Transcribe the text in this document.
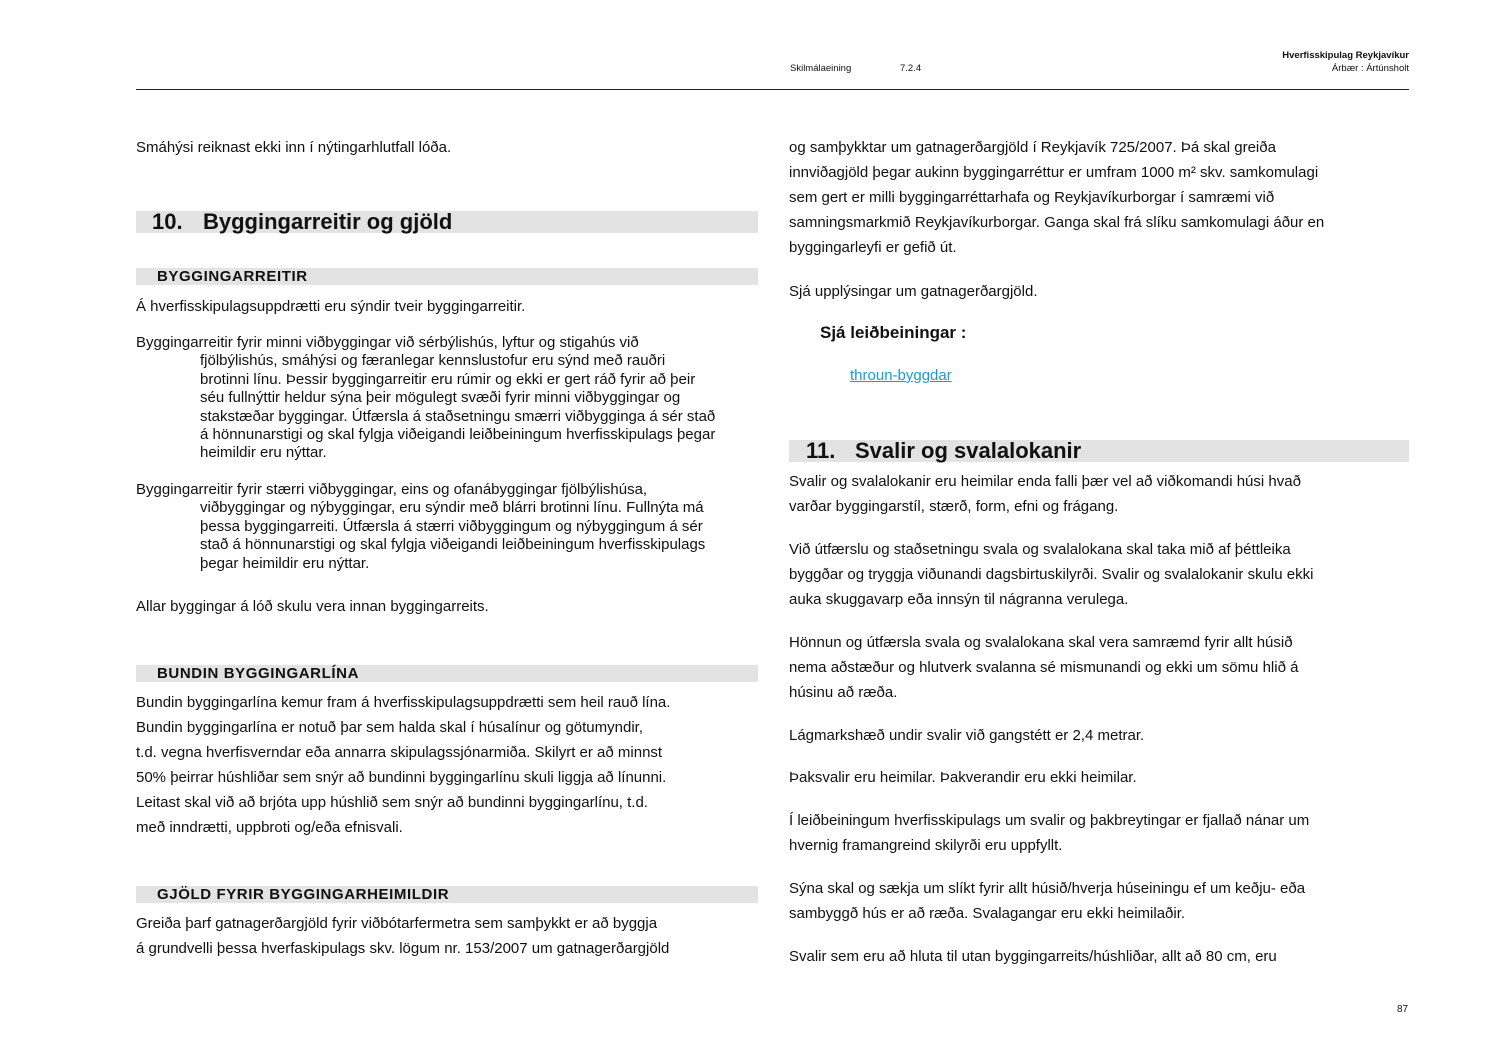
Skilmálaeining	7.2.4
Hverfisskipulag Reykjavíkur
Árbær : Ártúnsholt
Smáhýsi reiknast ekki inn í nýtingarhlutfall lóða.
10. Byggingarreitir og gjöld
BYGGINGARREITIR
Á hverfisskipulagsuppdrætti eru sýndir tveir byggingarreitir.
Byggingarreitir fyrir minni viðbyggingar við sérbýlishús, lyftur og stigahús við
fjölbýlishús, smáhýsi og færanlegar kennslustofur eru sýnd með rauðri
brotinni línu. Þessir byggingarreitir eru rúmir og ekki er gert ráð fyrir að þeir
séu fullnýttir heldur sýna þeir mögulegt svæði fyrir minni viðbyggingar og
stakstæðar byggingar. Útfærsla á staðsetningu smærri viðbygginga á sér stað
á hönnunarstigi og skal fylgja viðeigandi leiðbeiningum hverfisskipulags þegar
heimildir eru nýttar.
Byggingarreitir fyrir stærri viðbyggingar, eins og ofanábyggingar fjölbýlishúsa,
viðbyggingar og nýbyggingar, eru sýndir með blárri brotinni línu. Fullnýta má
þessa byggingarreiti. Útfærsla á stærri viðbyggingum og nýbyggingum á sér
stað á hönnunarstigi og skal fylgja viðeigandi leiðbeiningum hverfisskipulags
þegar heimildir eru nýttar.
Allar byggingar á lóð skulu vera innan byggingarreits.
BUNDIN BYGGINGARLÍNA
Bundin byggingarlína kemur fram á hverfisskipulagsuppdrætti sem heil rauð lína.
Bundin byggingarlína er notuð þar sem halda skal í húsalínur og götumyndir,
t.d. vegna hverfisverndar eða annarra skipulagssjónarmiða. Skilyrt er að minnst
50% þeirrar húshliðar sem snýr að bundinni byggingarlínu skuli liggja að línunni.
Leitast skal við að brjóta upp húshlið sem snýr að bundinni byggingarlínu, t.d.
með inndrætti, uppbroti og/eða efnisvali.
GJÖLD FYRIR BYGGINGARHEIMILDIR
Greiða þarf gatnagerðargjöld fyrir viðbótarfermetra sem samþykkt er að byggja
á grundvelli þessa hverfaskipulags skv. lögum nr. 153/2007 um gatnagerðargjöld
og samþykktar um gatnagerðargjöld í Reykjavík 725/2007. Þá skal greiða
innviðagjöld þegar aukinn byggingarréttur er umfram 1000 m² skv. samkomulagi
sem gert er milli byggingarréttarhafa og Reykjavíkurborgar í samræmi við
samningsmarkmið Reykjavíkurborgar. Ganga skal frá slíku samkomulagi áður en
byggingarleyfi er gefið út.
Sjá upplýsingar um gatnagerðargjöld.
Sjá leiðbeiningar :
throun-byggdar
11. Svalir og svalalokanir
Svalir og svalalokanir eru heimilar enda falli þær vel að viðkomandi húsi hvað
varðar byggingarstíl, stærð, form, efni og frágang.
Við útfærslu og staðsetningu svala og svalalokana skal taka mið af þéttleika
byggðar og tryggja viðunandi dagsbirtuskilyrði. Svalir og svalalokanir skulu ekki
auka skuggavarp eða innsýn til nágranna verulega.
Hönnun og útfærsla svala og svalalokana skal vera samræmd fyrir allt húsið
nema aðstæður og hlutverk svalanna sé mismunandi og ekki um sömu hlið á
húsinu að ræða.
Lágmarkshæð undir svalir við gangstétt er 2,4 metrar.
Þaksvalir eru heimilar. Þakverandir eru ekki heimilar.
Í leiðbeiningum hverfisskipulags um svalir og þakbreytingar er fjallað nánar um
hvernig framangreind skilyrði eru uppfyllt.
Sýna skal og sækja um slíkt fyrir allt húsið/hverja húseiningu ef um keðju- eða
sambyggð hús er að ræða. Svalagangar eru ekki heimilaðir.
Svalir sem eru að hluta til utan byggingarreits/húshliðar, allt að 80 cm, eru
87
